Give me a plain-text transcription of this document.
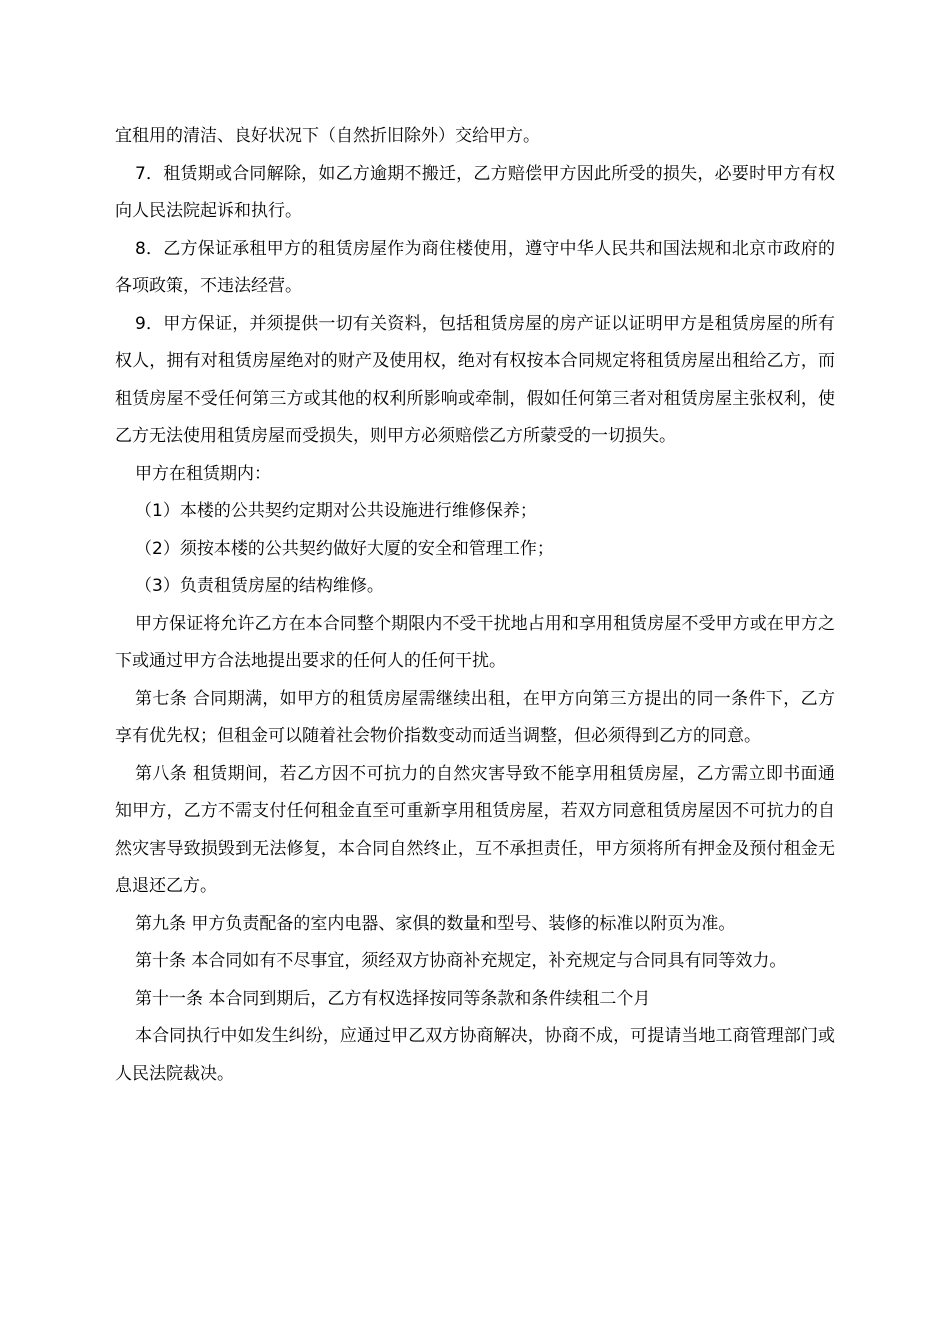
宜租用的清洁、良好状况下（自然折旧除外）交给甲方。

7．租赁期或合同解除，如乙方逾期不搬迁，乙方赔偿甲方因此所受的损失，必要时甲方有权向人民法院起诉和执行。

8．乙方保证承租甲方的租赁房屋作为商住楼使用，遵守中华人民共和国法规和北京市政府的各项政策，不违法经营。

9．甲方保证，并须提供一切有关资料，包括租赁房屋的房产证以证明甲方是租赁房屋的所有权人，拥有对租赁房屋绝对的财产及使用权，绝对有权按本合同规定将租赁房屋出租给乙方，而租赁房屋不受任何第三方或其他的权利所影响或牵制，假如任何第三者对租赁房屋主张权利，使乙方无法使用租赁房屋而受损失，则甲方必须赔偿乙方所蒙受的一切损失。

甲方在租赁期内：

（1）本楼的公共契约定期对公共设施进行维修保养；

（2）须按本楼的公共契约做好大厦的安全和管理工作；

（3）负责租赁房屋的结构维修。

甲方保证将允许乙方在本合同整个期限内不受干扰地占用和享用租赁房屋不受甲方或在甲方之下或通过甲方合法地提出要求的任何人的任何干扰。

第七条 合同期满，如甲方的租赁房屋需继续出租，在甲方向第三方提出的同一条件下，乙方享有优先权；但租金可以随着社会物价指数变动而适当调整，但必须得到乙方的同意。

第八条 租赁期间，若乙方因不可抗力的自然灾害导致不能享用租赁房屋，乙方需立即书面通知甲方，乙方不需支付任何租金直至可重新享用租赁房屋，若双方同意租赁房屋因不可抗力的自然灾害导致损毁到无法修复，本合同自然终止，互不承担责任，甲方须将所有押金及预付租金无息退还乙方。

第九条 甲方负责配备的室内电器、家俱的数量和型号、装修的标准以附页为准。

第十条 本合同如有不尽事宜，须经双方协商补充规定，补充规定与合同具有同等效力。

第十一条 本合同到期后，乙方有权选择按同等条款和条件续租二个月

本合同执行中如发生纠纷，应通过甲乙双方协商解决，协商不成，可提请当地工商管理部门或人民法院裁决。
